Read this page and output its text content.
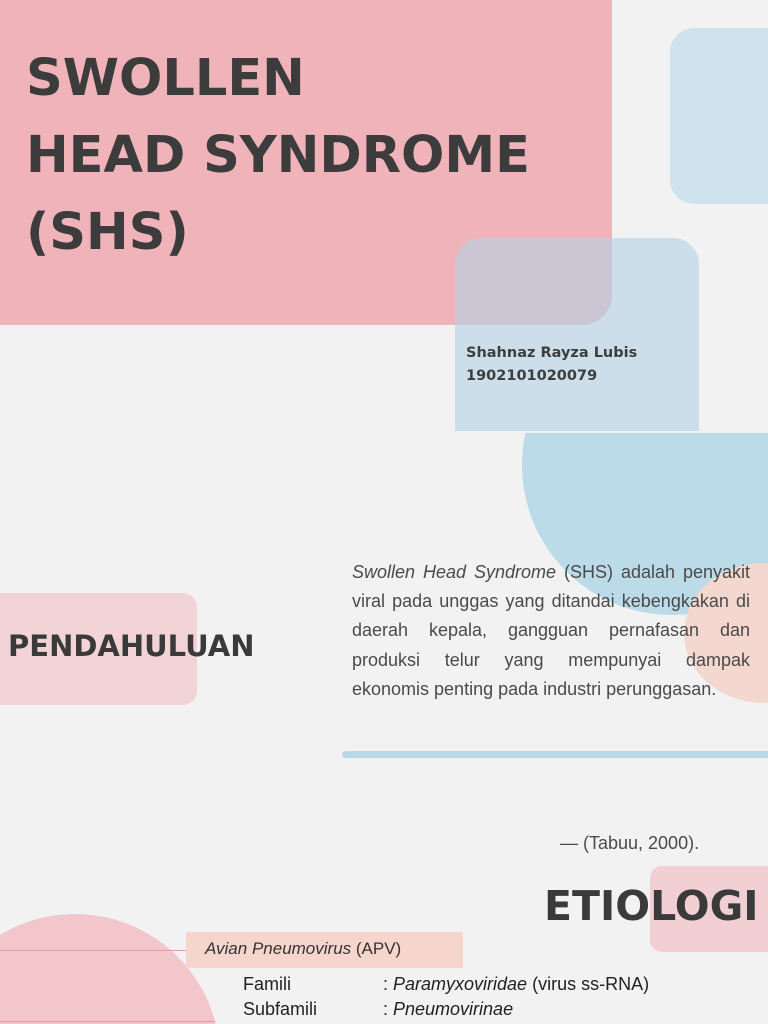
SWOLLEN
HEAD SYNDROME
(SHS)
Shahnaz Rayza Lubis
1902101020079
PENDAHULUAN

Swollen Head Syndrome (SHS) adalah penyakit viral pada unggas yang ditandai kebengkakan di daerah kepala, gangguan pernafasan dan produksi telur yang mempunyai dampak ekonomis penting pada industri perunggasan.

— (Tabuu, 2000).

ETIOLOGI

Avian Pneumovirus (APV)

Famili	: Paramyxoviridae (virus ss-RNA)
Subfamili	: Pneumovirinae
